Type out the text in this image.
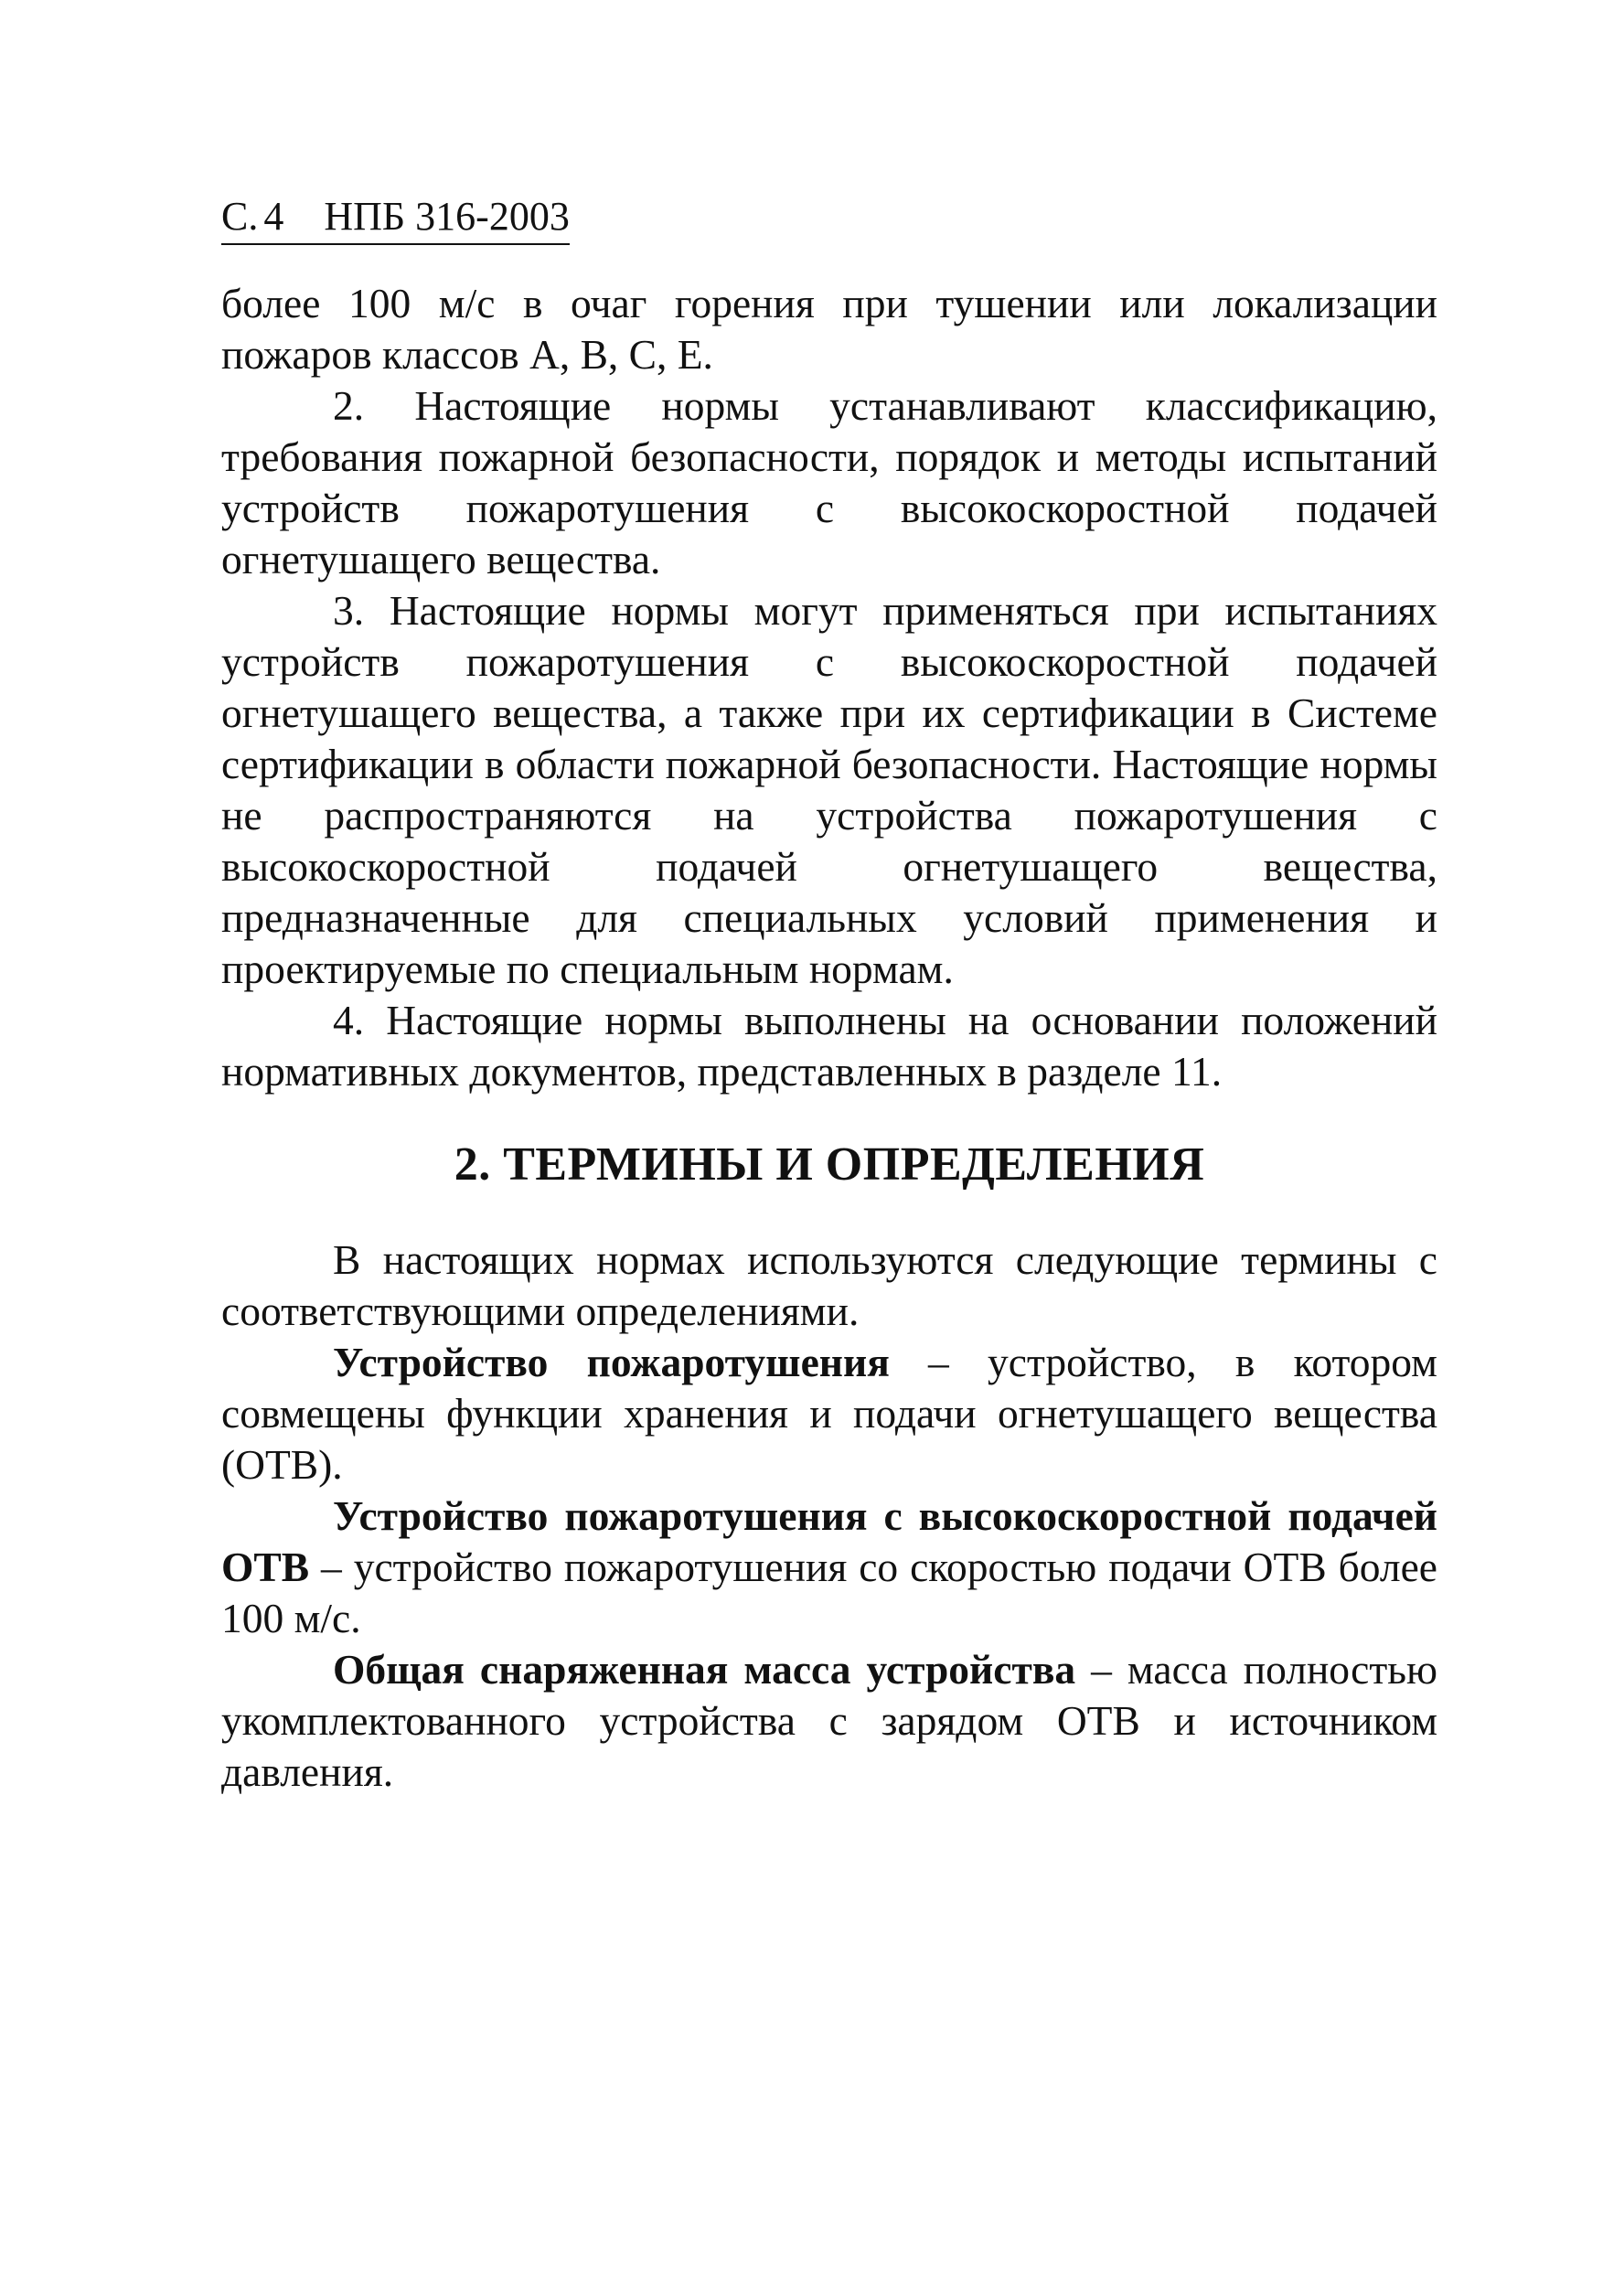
С. 4 НПБ 316-2003

более 100 м/с в очаг горения при тушении или локализации пожаров классов А, В, С, Е.

2. Настоящие нормы устанавливают классификацию, требования пожарной безопасности, порядок и методы испытаний устройств пожаротушения с высокоскоростной подачей огнетушащего вещества.

3. Настоящие нормы могут применяться при испытаниях устройств пожаротушения с высокоскоростной подачей огнетушащего вещества, а также при их сертификации в Системе сертификации в области пожарной безопасности. Настоящие нормы не распространяются на устройства пожаротушения с высокоскоростной подачей огнетушащего вещества, предназначенные для специальных условий применения и проектируемые по специальным нормам.

4. Настоящие нормы выполнены на основании положений нормативных документов, представленных в разделе 11.

2. ТЕРМИНЫ И ОПРЕДЕЛЕНИЯ

В настоящих нормах используются следующие термины с соответствующими определениями.

Устройство пожаротушения – устройство, в котором совмещены функции хранения и подачи огнетушащего вещества (ОТВ).

Устройство пожаротушения с высокоскоростной подачей ОТВ – устройство пожаротушения со скоростью подачи ОТВ более 100 м/с.

Общая снаряженная масса устройства – масса полностью укомплектованного устройства с зарядом ОТВ и источником давления.
